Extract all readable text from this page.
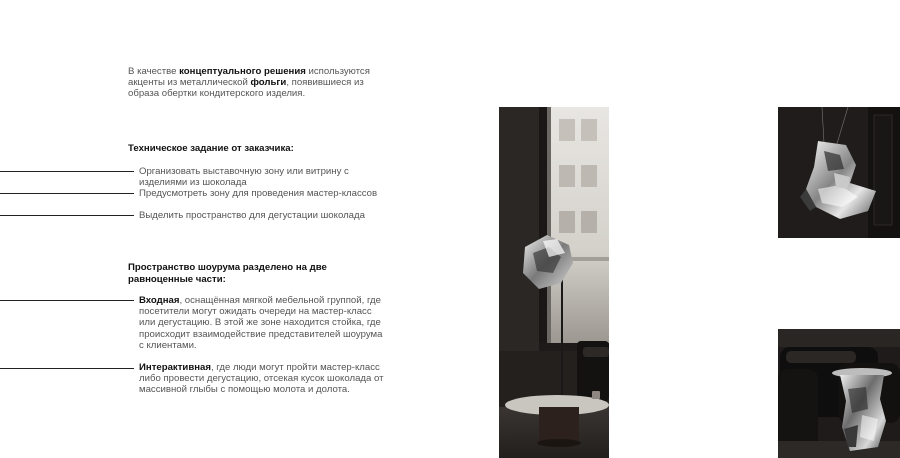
В качестве концептуального решения используются акценты из металлической фольги, появившиеся из образа обертки кондитерского изделия.
Техническое задание от заказчика:
Организовать выставочную зону или витрину с изделиями из шоколада
Предусмотреть зону для проведения мастер-классов
Выделить пространство для дегустации шоколада
Пространство шоурума разделено на две равноценные части:
Входная, оснащённая мягкой мебельной группой, где посетители могут ожидать очереди на мастер-класс или дегустацию. В этой же зоне находится стойка, где происходит взаимодействие представителей шоурума с клиентами.
Интерактивная, где люди могут пройти мастер-класс либо провести дегустацию, отсекая кусок шоколада от массивной глыбы с помощью молота и долота.
